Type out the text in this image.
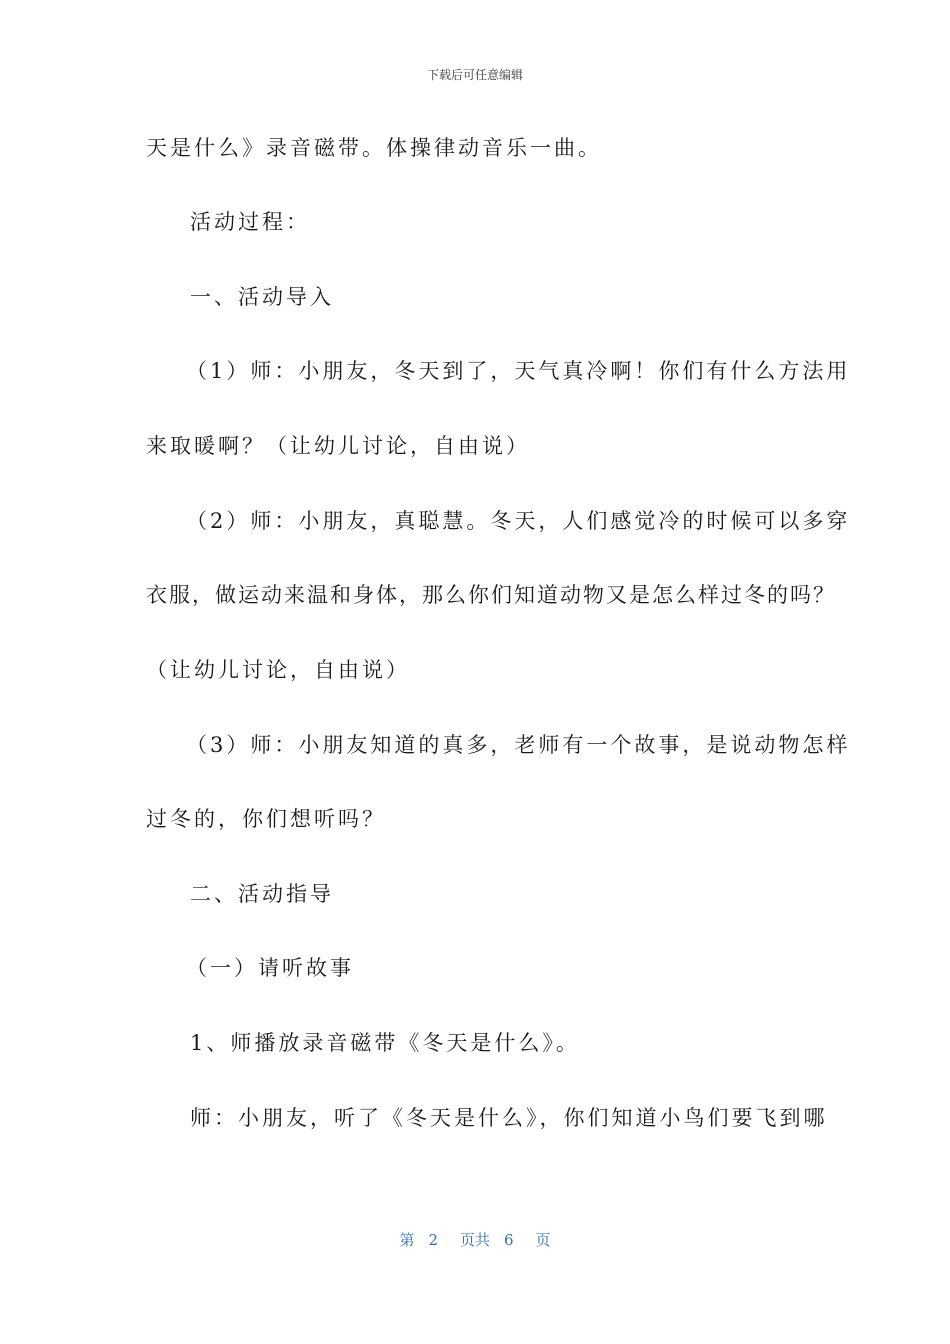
下载后可任意编辑
天是什么》录音磁带。体操律动音乐一曲。
活动过程：
一、活动导入
（1）师：小朋友，冬天到了，天气真冷啊！你们有什么方法用
来取暖啊？（让幼儿讨论，自由说）
（2）师：小朋友，真聪慧。冬天，人们感觉冷的时候可以多穿
衣服，做运动来温和身体，那么你们知道动物又是怎么样过冬的吗？
（让幼儿讨论，自由说）
（3）师：小朋友知道的真多，老师有一个故事，是说动物怎样
过冬的，你们想听吗？
二、活动指导
（一）请听故事
1、师播放录音磁带《冬天是什么》。
师：小朋友，听了《冬天是什么》，你们知道小鸟们要飞到哪
第 2 页共 6 页
